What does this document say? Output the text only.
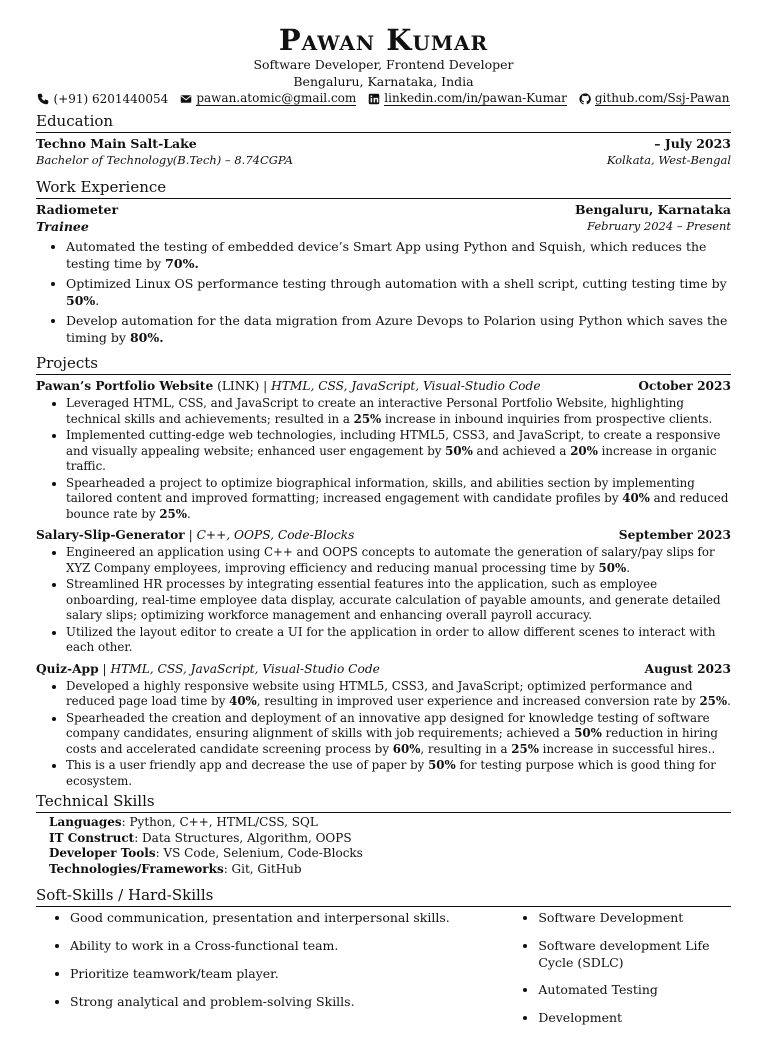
Pawan Kumar
Software Developer, Frontend Developer
Bengaluru, Karnataka, India
(+91) 6201440054 pawan.atomic@gmail.com linkedin.com/in/pawan-Kumar github.com/Ssj-Pawan
Education
Techno Main Salt-Lake	– July 2023
Bachelor of Technology(B.Tech) – 8.74CGPA	Kolkata, West-Bengal
Work Experience
Radiometer	Bengaluru, Karnataka
Trainee	February 2024 – Present
• Automated the testing of embedded device’s Smart App using Python and Squish, which reduces the testing time by 70%.
• Optimized Linux OS performance testing through automation with a shell script, cutting testing time by 50%.
• Develop automation for the data migration from Azure Devops to Polarion using Python which saves the timing by 80%.
Projects
Pawan’s Portfolio Website (LINK) | HTML, CSS, JavaScript, Visual-Studio Code	October 2023
• Leveraged HTML, CSS, and JavaScript to create an interactive Personal Portfolio Website, highlighting technical skills and achievements; resulted in a 25% increase in inbound inquiries from prospective clients.
• Implemented cutting-edge web technologies, including HTML5, CSS3, and JavaScript, to create a responsive and visually appealing website; enhanced user engagement by 50% and achieved a 20% increase in organic traffic.
• Spearheaded a project to optimize biographical information, skills, and abilities section by implementing tailored content and improved formatting; increased engagement with candidate profiles by 40% and reduced bounce rate by 25%.
Salary-Slip-Generator | C++, OOPS, Code-Blocks	September 2023
• Engineered an application using C++ and OOPS concepts to automate the generation of salary/pay slips for XYZ Company employees, improving efficiency and reducing manual processing time by 50%.
• Streamlined HR processes by integrating essential features into the application, such as employee onboarding, real-time employee data display, accurate calculation of payable amounts, and generate detailed salary slips; optimizing workforce management and enhancing overall payroll accuracy.
• Utilized the layout editor to create a UI for the application in order to allow different scenes to interact with each other.
Quiz-App | HTML, CSS, JavaScript, Visual-Studio Code	August 2023
• Developed a highly responsive website using HTML5, CSS3, and JavaScript; optimized performance and reduced page load time by 40%, resulting in improved user experience and increased conversion rate by 25%.
• Spearheaded the creation and deployment of an innovative app designed for knowledge testing of software company candidates, ensuring alignment of skills with job requirements; achieved a 50% reduction in hiring costs and accelerated candidate screening process by 60%, resulting in a 25% increase in successful hires..
• This is a user friendly app and decrease the use of paper by 50% for testing purpose which is good thing for ecosystem.
Technical Skills
Languages: Python, C++, HTML/CSS, SQL
IT Construct: Data Structures, Algorithm, OOPS
Developer Tools: VS Code, Selenium, Code-Blocks
Technologies/Frameworks: Git, GitHub
Soft-Skills / Hard-Skills
• Good communication, presentation and interpersonal skills.
• Ability to work in a Cross-functional team.
• Prioritize teamwork/team player.
• Strong analytical and problem-solving Skills.
• Software Development
• Software development Life Cycle (SDLC)
• Automated Testing
• Development
